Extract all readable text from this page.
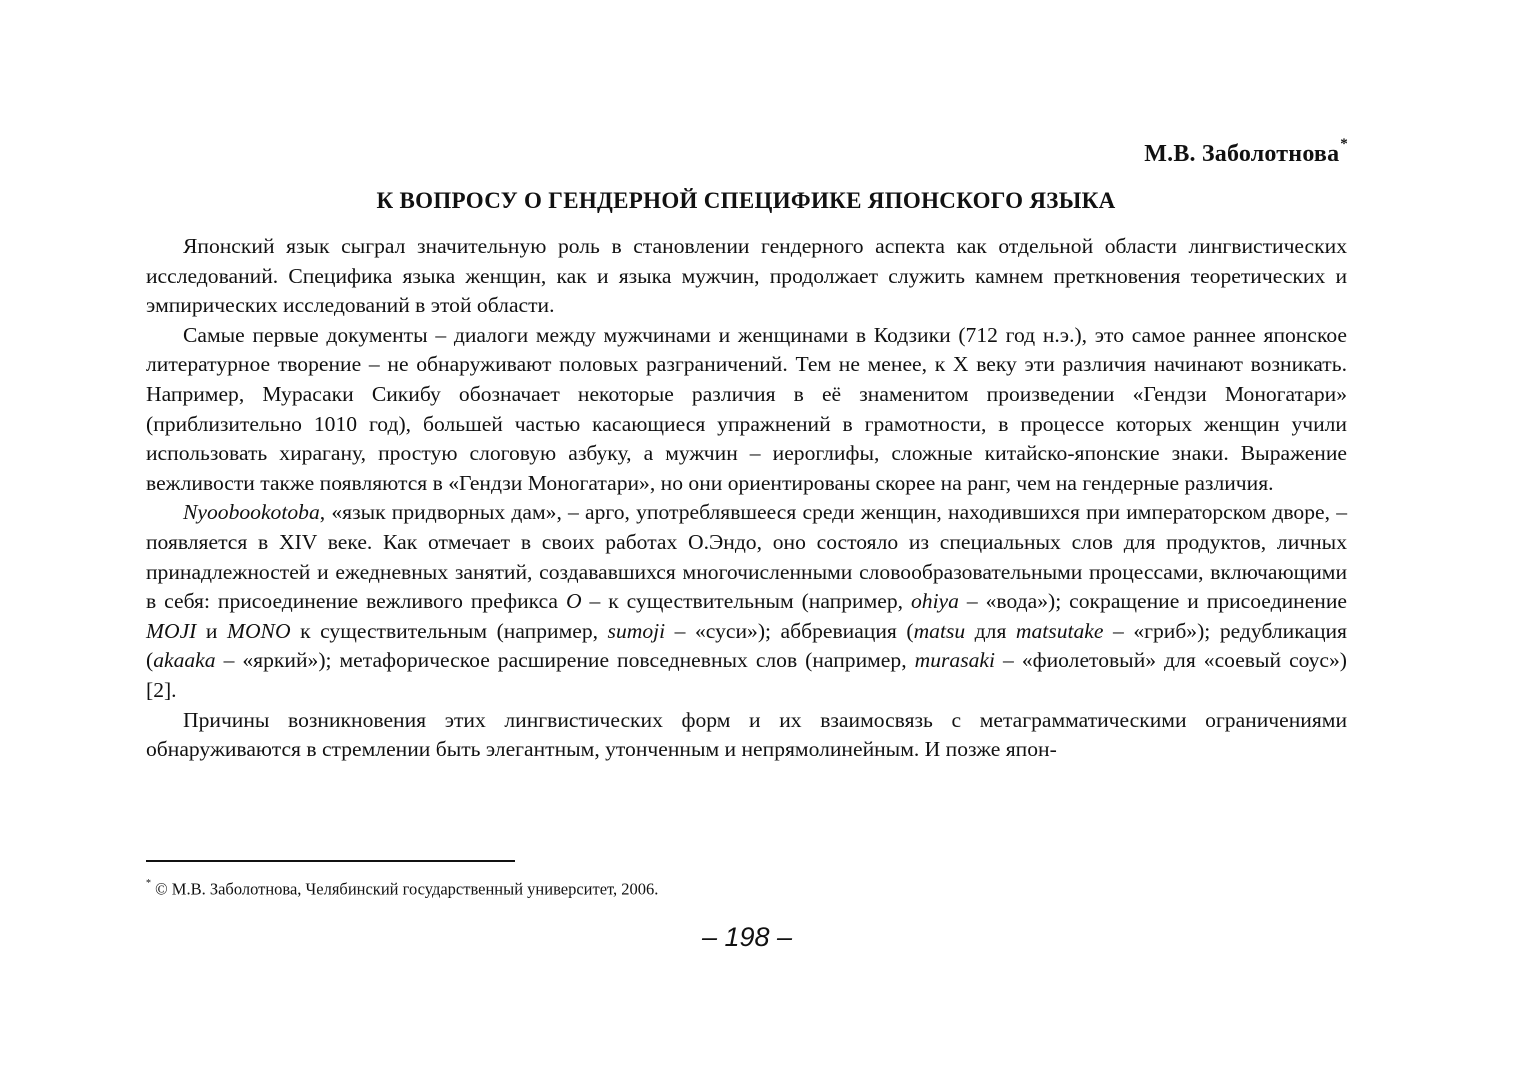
М.В. Заболотнова*
К ВОПРОСУ О ГЕНДЕРНОЙ СПЕЦИФИКЕ ЯПОНСКОГО ЯЗЫКА

Японский язык сыграл значительную роль в становлении гендерного аспекта как отдельной области лингвистических исследований. Специфика языка женщин, как и языка мужчин, продолжает служить камнем преткновения теоретических и эмпирических исследований в этой области.

Самые первые документы – диалоги между мужчинами и женщинами в Кодзики (712 год н.э.), это самое раннее японское литературное творение – не обнаруживают половых разграничений. Тем не менее, к X веку эти различия начинают возникать. Например, Мурасаки Сикибу обозначает некоторые различия в её знаменитом произведении «Гендзи Моногатари» (приблизительно 1010 год), большей частью касающиеся упражнений в грамотности, в процессе которых женщин учили использовать хирагану, простую слоговую азбуку, а мужчин – иероглифы, сложные китайско-японские знаки. Выражение вежливости также появляются в «Гендзи Моногатари», но они ориентированы скорее на ранг, чем на гендерные различия.

Nyoobookotoba, «язык придворных дам», – арго, употреблявшееся среди женщин, находившихся при императорском дворе, – появляется в XIV веке. Как отмечает в своих работах О.Эндо, оно состояло из специальных слов для продуктов, личных принадлежностей и ежедневных занятий, создававшихся многочисленными словообразовательными процессами, включающими в себя: присоединение вежливого префикса O – к существительным (например, ohiya – «вода»); сокращение и присоединение MOJI и MONO к существительным (например, sumoji – «суси»); аббревиация (matsu для matsutake – «гриб»); редубликация (akaaka – «яркий»); метафорическое расширение повседневных слов (например, murasaki – «фиолетовый» для «соевый соус») [2].

Причины возникновения этих лингвистических форм и их взаимосвязь с метаграмматическими ограничениями обнаруживаются в стремлении быть элегантным, утонченным и непрямолинейным. И позже япон-

* © М.В. Заболотнова, Челябинский государственный университет, 2006.
– 198 –
